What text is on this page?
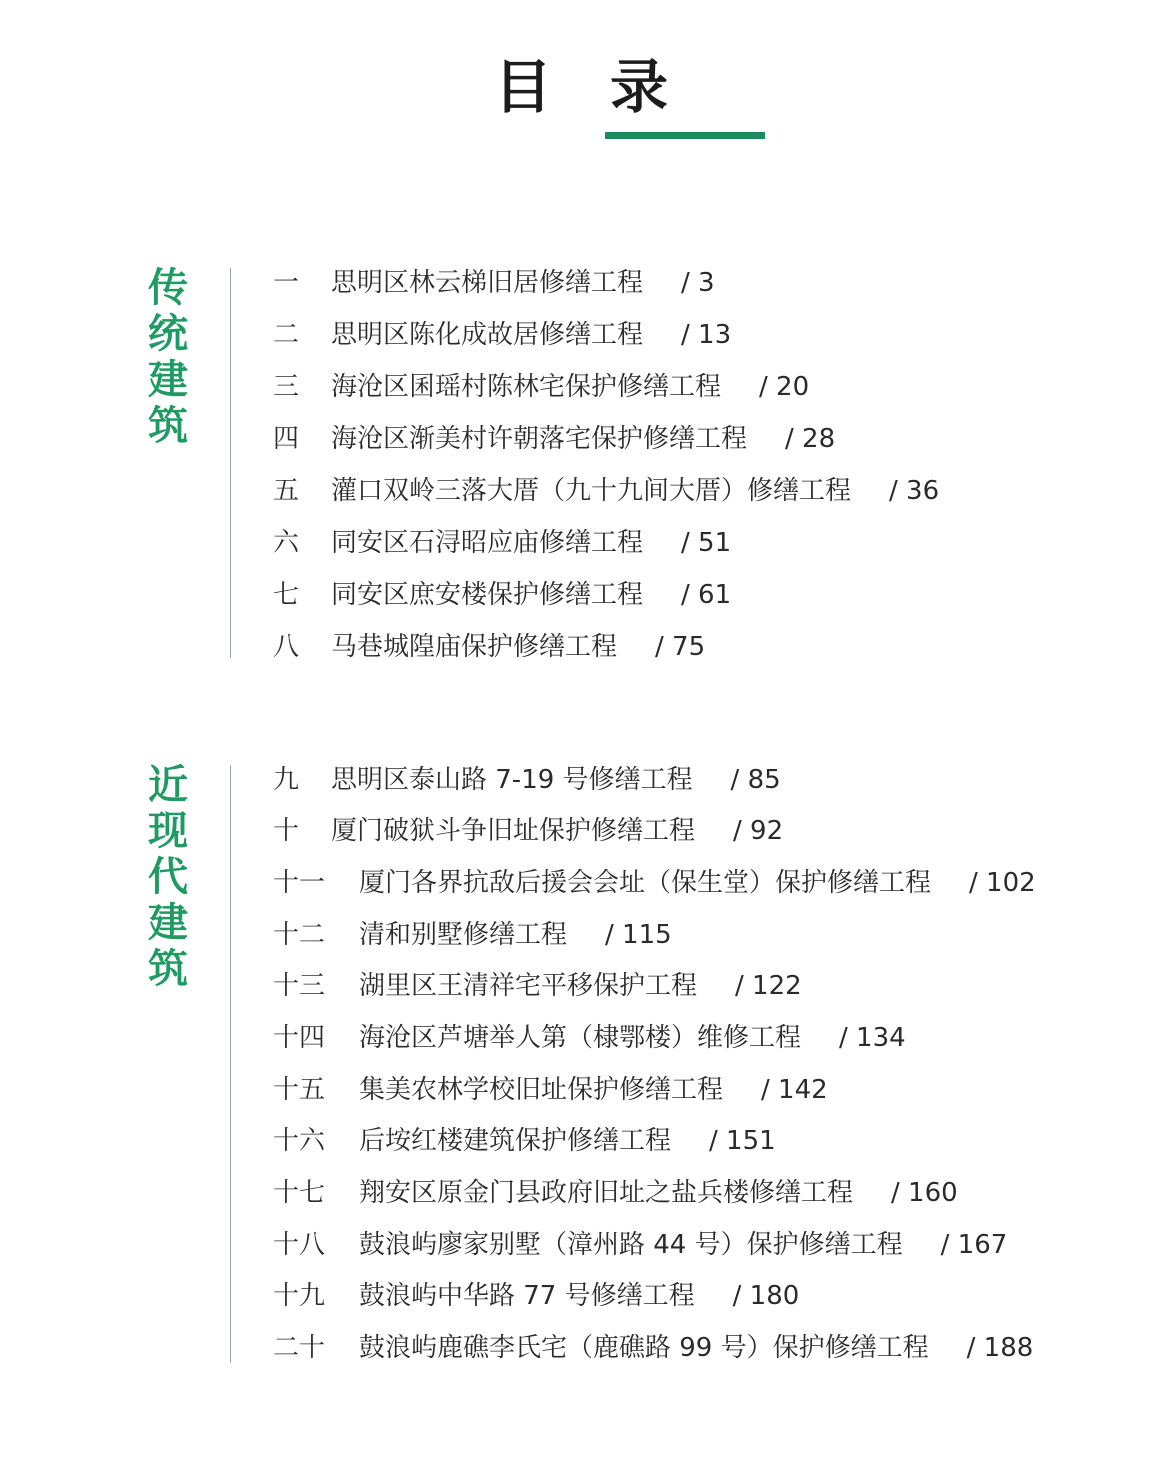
目 录
传
统
建
筑
一 思明区林云梯旧居修缮工程 / 3
二 思明区陈化成故居修缮工程 / 13
三 海沧区囷瑶村陈林宅保护修缮工程 / 20
四 海沧区渐美村许朝落宅保护修缮工程 / 28
五 灌口双岭三落大厝（九十九间大厝）修缮工程 / 36
六 同安区石浔昭应庙修缮工程 / 51
七 同安区庶安楼保护修缮工程 / 61
八 马巷城隍庙保护修缮工程 / 75
近
现
代
建
筑
九 思明区泰山路 7-19 号修缮工程 / 85
十 厦门破狱斗争旧址保护修缮工程 / 92
十一 厦门各界抗敌后援会会址（保生堂）保护修缮工程 / 102
十二 清和别墅修缮工程 / 115
十三 湖里区王清祥宅平移保护工程 / 122
十四 海沧区芦塘举人第（棣鄂楼）维修工程 / 134
十五 集美农林学校旧址保护修缮工程 / 142
十六 后垵红楼建筑保护修缮工程 / 151
十七 翔安区原金门县政府旧址之盐兵楼修缮工程 / 160
十八 鼓浪屿廖家别墅（漳州路 44 号）保护修缮工程 / 167
十九 鼓浪屿中华路 77 号修缮工程 / 180
二十 鼓浪屿鹿礁李氏宅（鹿礁路 99 号）保护修缮工程 / 188
